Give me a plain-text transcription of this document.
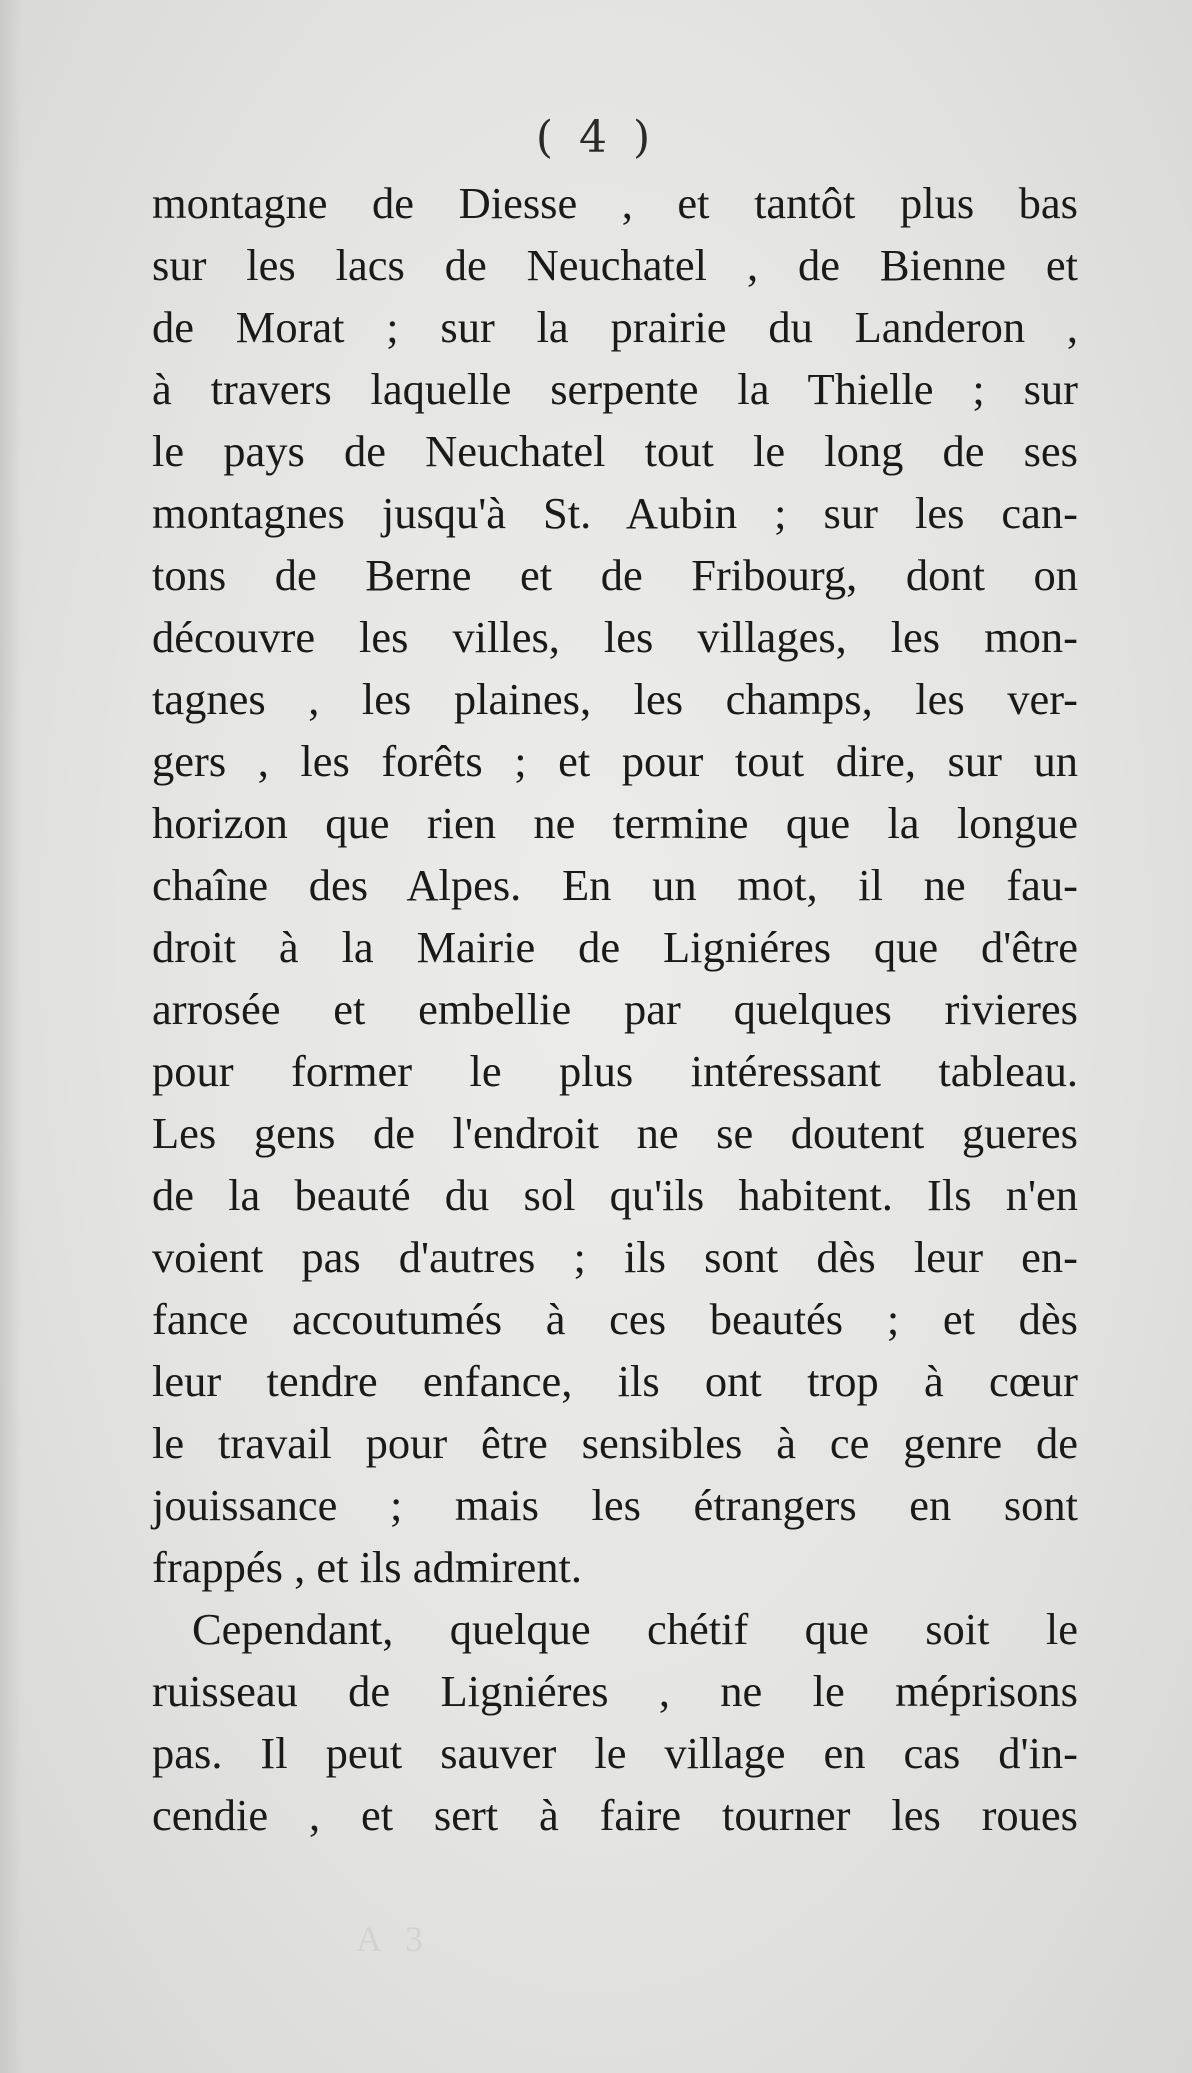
( 4 )
montagne de Diesse , et tantôt plus bas
sur les lacs de Neuchatel , de Bienne et
de Morat ; sur la prairie du Landeron ,
à travers laquelle serpente la Thielle ; sur
le pays de Neuchatel tout le long de ses
montagnes jusqu'à St. Aubin ; sur les can-
tons de Berne et de Fribourg, dont on
découvre les villes, les villages, les mon-
tagnes , les plaines, les champs, les ver-
gers , les forêts ; et pour tout dire, sur un
horizon que rien ne termine que la longue
chaîne des Alpes. En un mot, il ne fau-
droit à la Mairie de Ligniéres que d'être
arrosée et embellie par quelques rivieres
pour former le plus intéressant tableau.
Les gens de l'endroit ne se doutent gueres
de la beauté du sol qu'ils habitent. Ils n'en
voient pas d'autres ; ils sont dès leur en-
fance accoutumés à ces beautés ; et dès
leur tendre enfance, ils ont trop à cœur
le travail pour être sensibles à ce genre de
jouissance ; mais les étrangers en sont
frappés , et ils admirent.
Cependant, quelque chétif que soit le
ruisseau de Ligniéres , ne le méprisons
pas. Il peut sauver le village en cas d'in-
cendie , et sert à faire tourner les roues
A 3
